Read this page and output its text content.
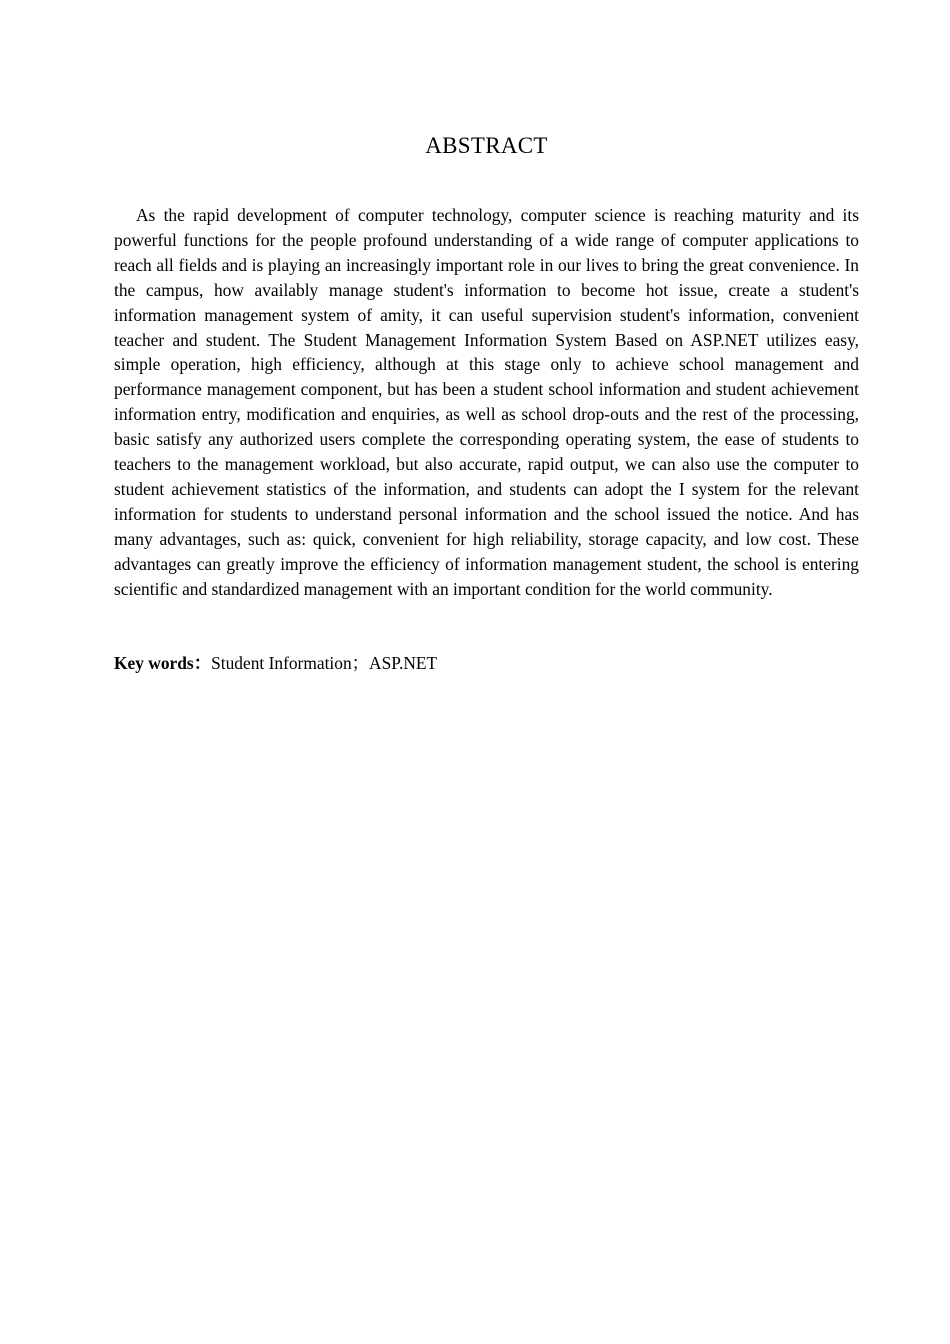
ABSTRACT

As the rapid development of computer technology, computer science is reaching maturity and its powerful functions for the people profound understanding of a wide range of computer applications to reach all fields and is playing an increasingly important role in our lives to bring the great convenience. In the campus, how availably manage student's information to become hot issue, create a student's information management system of amity, it can useful supervision student's information, convenient teacher and student. The Student Management Information System Based on ASP.NET utilizes easy, simple operation, high efficiency, although at this stage only to achieve school management and performance management component, but has been a student school information and student achievement information entry, modification and enquiries, as well as school drop-outs and the rest of the processing, basic satisfy any authorized users complete the corresponding operating system, the ease of students to teachers to the management workload, but also accurate, rapid output, we can also use the computer to student achievement statistics of the information, and students can adopt the I system for the relevant information for students to understand personal information and the school issued the notice. And has many advantages, such as: quick, convenient for high reliability, storage capacity, and low cost. These advantages can greatly improve the efficiency of information management student, the school is entering scientific and standardized management with an important condition for the world community.

Key words：Student Information；ASP.NET
